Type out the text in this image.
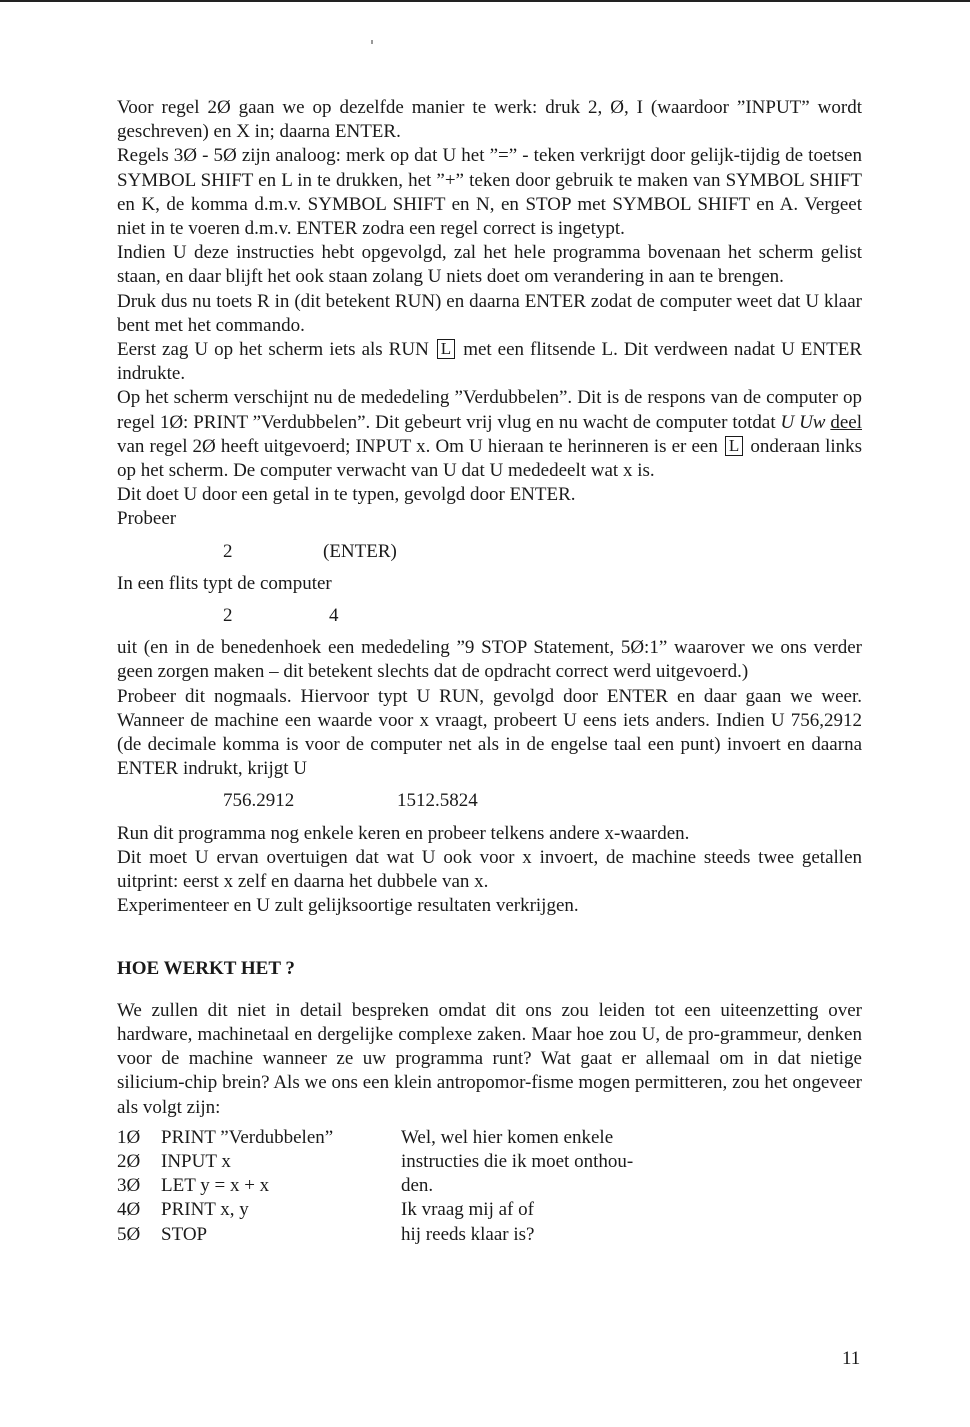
Voor regel 2Ø gaan we op dezelfde manier te werk: druk 2, Ø, I (waardoor ”INPUT” wordt geschreven) en X in; daarna ENTER.

Regels 3Ø - 5Ø zijn analoog: merk op dat U het ”=” - teken verkrijgt door gelijk-tijdig de toetsen SYMBOL SHIFT en L in te drukken, het ”+” teken door gebruik te maken van SYMBOL SHIFT en K, de komma d.m.v. SYMBOL SHIFT en N, en STOP met SYMBOL SHIFT en A. Vergeet niet in te voeren d.m.v. ENTER zodra een regel correct is ingetypt.

Indien U deze instructies hebt opgevolgd, zal het hele programma bovenaan het scherm gelist staan, en daar blijft het ook staan zolang U niets doet om verandering in aan te brengen.

Druk dus nu toets R in (dit betekent RUN) en daarna ENTER zodat de computer weet dat U klaar bent met het commando.

Eerst zag U op het scherm iets als RUN L met een flitsende L. Dit verdween nadat U ENTER indrukte.

Op het scherm verschijnt nu de mededeling ”Verdubbelen”. Dit is de respons van de computer op regel 1Ø: PRINT ”Verdubbelen”. Dit gebeurt vrij vlug en nu wacht de computer totdat U Uw deel van regel 2Ø heeft uitgevoerd; INPUT x. Om U hieraan te herinneren is er een L onderaan links op het scherm. De computer verwacht van U dat U mededeelt wat x is.

Dit doet U door een getal in te typen, gevolgd door ENTER.

Probeer

2	(ENTER)

In een flits typt de computer

2	4

uit (en in de benedenhoek een mededeling ”9 STOP Statement, 5Ø:1” waarover we ons verder geen zorgen maken – dit betekent slechts dat de opdracht correct werd uitgevoerd.)

Probeer dit nogmaals. Hiervoor typt U RUN, gevolgd door ENTER en daar gaan we weer. Wanneer de machine een waarde voor x vraagt, probeert U eens iets anders. Indien U 756,2912 (de decimale komma is voor de computer net als in de engelse taal een punt) invoert en daarna ENTER indrukt, krijgt U

756.2912	1512.5824

Run dit programma nog enkele keren en probeer telkens andere x-waarden.

Dit moet U ervan overtuigen dat wat U ook voor x invoert, de machine steeds twee getallen uitprint: eerst x zelf en daarna het dubbele van x.

Experimenteer en U zult gelijksoortige resultaten verkrijgen.

HOE WERKT HET ?

We zullen dit niet in detail bespreken omdat dit ons zou leiden tot een uiteenzetting over hardware, machinetaal en dergelijke complexe zaken. Maar hoe zou U, de pro-grammeur, denken voor de machine wanneer ze uw programma runt? Wat gaat er allemaal om in dat nietige silicium-chip brein? Als we ons een klein antropomor-fisme mogen permitteren, zou het ongeveer als volgt zijn:

1Ø	PRINT ”Verdubbelen”	Wel, wel hier komen enkele
2Ø	INPUT x	instructies die ik moet onthou-
3Ø	LET y = x + x	den.
4Ø	PRINT x, y	Ik vraag mij af of
5Ø	STOP	hij reeds klaar is?
11
